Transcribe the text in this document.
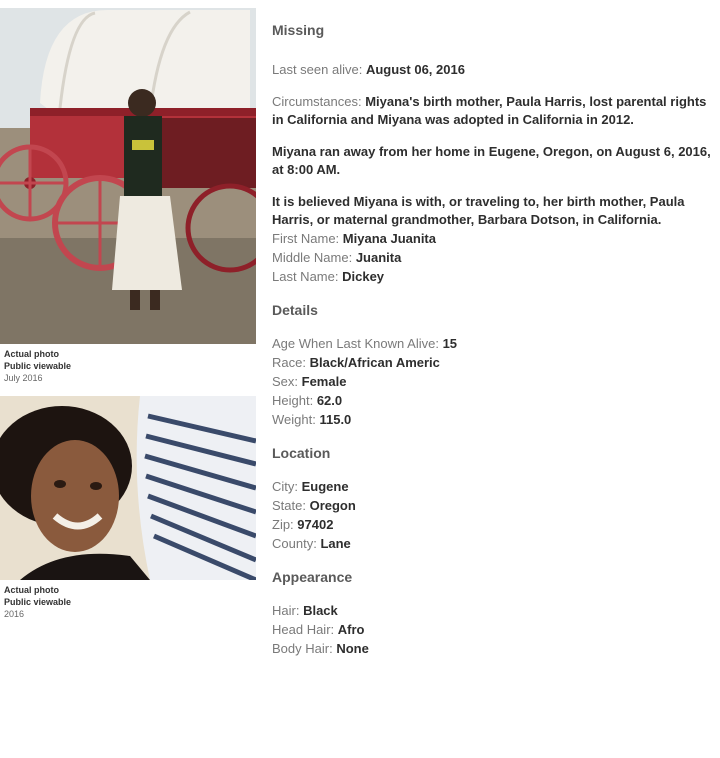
Actual photo
Public viewable
July 2016
Actual photo
Public viewable
2016
Missing
Last seen alive: August 06, 2016
Circumstances: Miyana's birth mother, Paula Harris, lost parental rights in California and Miyana was adopted in California in 2012.
Miyana ran away from her home in Eugene, Oregon, on August 6, 2016, at 8:00 AM.
It is believed Miyana is with, or traveling to, her birth mother, Paula Harris, or maternal grandmother, Barbara Dotson, in California.
First Name: Miyana Juanita
Middle Name: Juanita
Last Name: Dickey
Details
Age When Last Known Alive: 15
Race: Black/African Americ
Sex: Female
Height: 62.0
Weight: 115.0
Location
City: Eugene
State: Oregon
Zip: 97402
County: Lane
Appearance
Hair: Black
Head Hair: Afro
Body Hair: None
